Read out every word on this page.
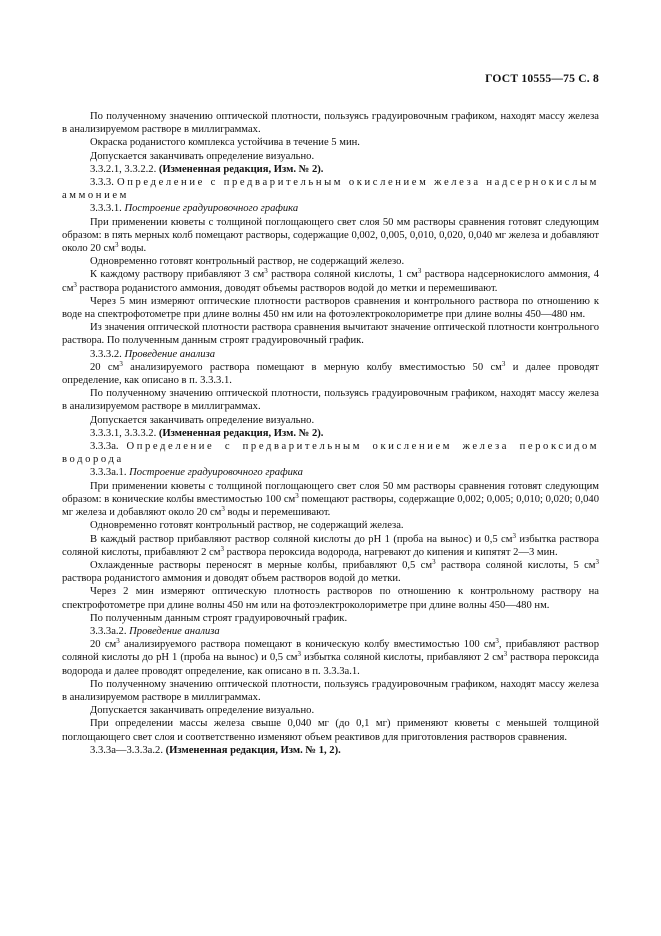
ГОСТ 10555—75 С. 8

По полученному значению оптической плотности, пользуясь градуировочным графиком, находят массу железа в анализируемом растворе в миллиграммах.

Окраска роданистого комплекса устойчива в течение 5 мин.

Допускается заканчивать определение визуально.

3.3.2.1, 3.3.2.2. (Измененная редакция, Изм. № 2).

3.3.3. Определение с предварительным окислением железа надсернокислым аммонием

3.3.3.1. Построение градуировочного графика

При применении кюветы с толщиной поглощающего свет слоя 50 мм растворы сравнения готовят следующим образом: в пять мерных колб помещают растворы, содержащие 0,002, 0,005, 0,010, 0,020, 0,040 мг железа и добавляют около 20 $см^3$ воды.

Одновременно готовят контрольный раствор, не содержащий железо.

К каждому раствору прибавляют 3 $см^3$ раствора соляной кислоты, 1 $см^3$ раствора надсернокислого аммония, 4 $см^3$ раствора роданистого аммония, доводят объемы растворов водой до метки и перемешивают.

Через 5 мин измеряют оптические плотности растворов сравнения и контрольного раствора по отношению к воде на спектрофотометре при длине волны 450 нм или на фотоэлектроколориметре при длине волны 450—480 нм.

Из значения оптической плотности раствора сравнения вычитают значение оптической плотности контрольного раствора. По полученным данным строят градуировочный график.

3.3.3.2. Проведение анализа

20 $см^3$ анализируемого раствора помещают в мерную колбу вместимостью 50 $см^3$ и далее проводят определение, как описано в п. 3.3.3.1.

По полученному значению оптической плотности, пользуясь градуировочным графиком, находят массу железа в анализируемом растворе в миллиграммах.

Допускается заканчивать определение визуально.

3.3.3.1, 3.3.3.2. (Измененная редакция, Изм. № 2).

3.3.3а. Определение с предварительным окислением железа пероксидом водорода

3.3.3а.1. Построение градуировочного графика

При применении кюветы с толщиной поглощающего свет слоя 50 мм растворы сравнения готовят следующим образом: в конические колбы вместимостью 100 $см^3$ помещают растворы, содержащие 0,002; 0,005; 0,010; 0,020; 0,040 мг железа и добавляют около 20 $см^3$ воды и перемешивают.

Одновременно готовят контрольный раствор, не содержащий железа.

В каждый раствор прибавляют раствор соляной кислоты до рН 1 (проба на вынос) и 0,5 $см^3$ избытка раствора соляной кислоты, прибавляют 2 $см^3$ раствора пероксида водорода, нагревают до кипения и кипятят 2—3 мин.

Охлажденные растворы переносят в мерные колбы, прибавляют 0,5 $см^3$ раствора соляной кислоты, 5 $см^3$ раствора роданистого аммония и доводят объем растворов водой до метки.

Через 2 мин измеряют оптическую плотность растворов по отношению к контрольному раствору на спектрофотометре при длине волны 450 нм или на фотоэлектроколориметре при длине волны 450—480 нм.

По полученным данным строят градуировочный график.

3.3.3а.2. Проведение анализа

20 $см^3$ анализируемого раствора помещают в коническую колбу вместимостью 100 $см^3$, прибавляют раствор соляной кислоты до рН 1 (проба на вынос) и 0,5 $см^3$ избытка соляной кислоты, прибавляют 2 $см^3$ раствора пероксида водорода и далее проводят определение, как описано в п. 3.3.3а.1.

По полученному значению оптической плотности, пользуясь градуировочным графиком, находят массу железа в анализируемом растворе в миллиграммах.

Допускается заканчивать определение визуально.

При определении массы железа свыше 0,040 мг (до 0,1 мг) применяют кюветы с меньшей толщиной поглощающего свет слоя и соответственно изменяют объем реактивов для приготовления растворов сравнения.

3.3.3а—3.3.3а.2. (Измененная редакция, Изм. № 1, 2).
